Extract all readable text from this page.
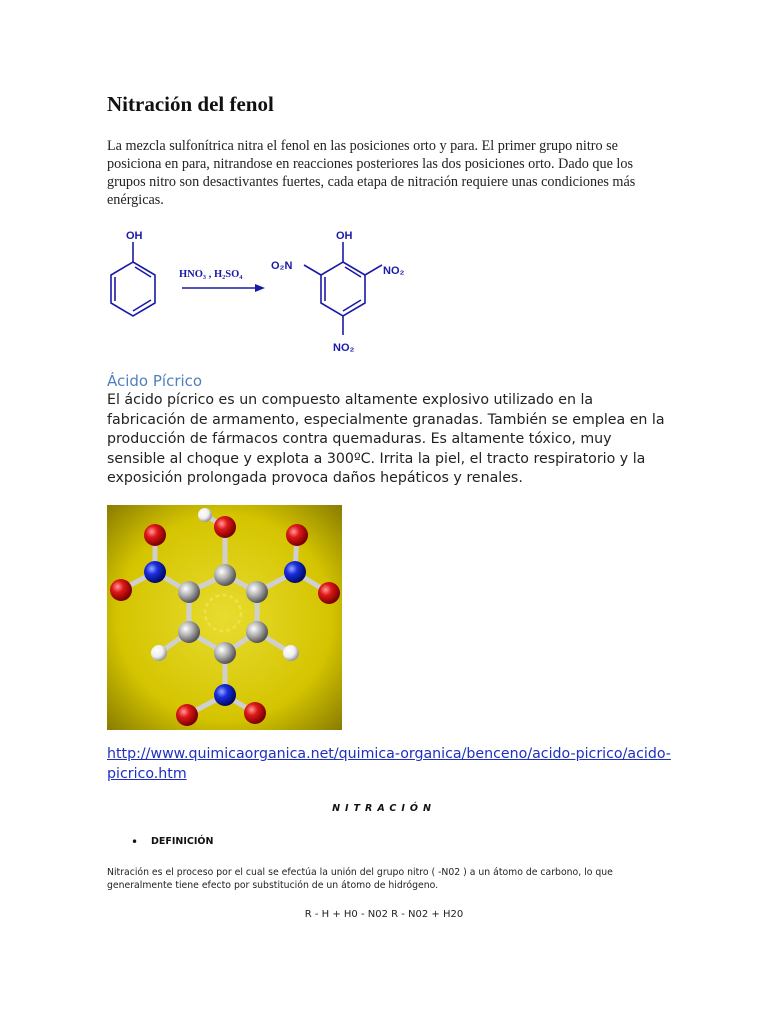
Nitración del fenol

La mezcla sulfonítrica nitra el fenol en las posiciones orto y para. El primer grupo nitro se posiciona en para, nitrandose en reacciones posteriores las dos posiciones orto. Dado que los grupos nitro son desactivantes fuertes, cada etapa de nitración requiere unas condiciones más enérgicas.

OH
HNO₃ , H₂SO₄
OH
O₂N	NO₂
NO₂
Ácido Pícrico

El ácido pícrico es un compuesto altamente explosivo utilizado en la fabricación de armamento, especialmente granadas. También se emplea en la producción de fármacos contra quemaduras. Es altamente tóxico, muy sensible al choque y explota a 300ºC. Irrita la piel, el tracto respiratorio y la exposición prolongada provoca daños hepáticos y renales.

http://www.quimicaorganica.net/quimica-organica/benceno/acido-picrico/acido-picrico.htm
NITRACIÓN
• DEFINICIÓN

Nitración es el proceso por el cual se efectúa la unión del grupo nitro ( -N02 ) a un átomo de carbono, lo que generalmente tiene efecto por substitución de un átomo de hidrógeno.

R - H + H0 - N02 R - N02 + H20
